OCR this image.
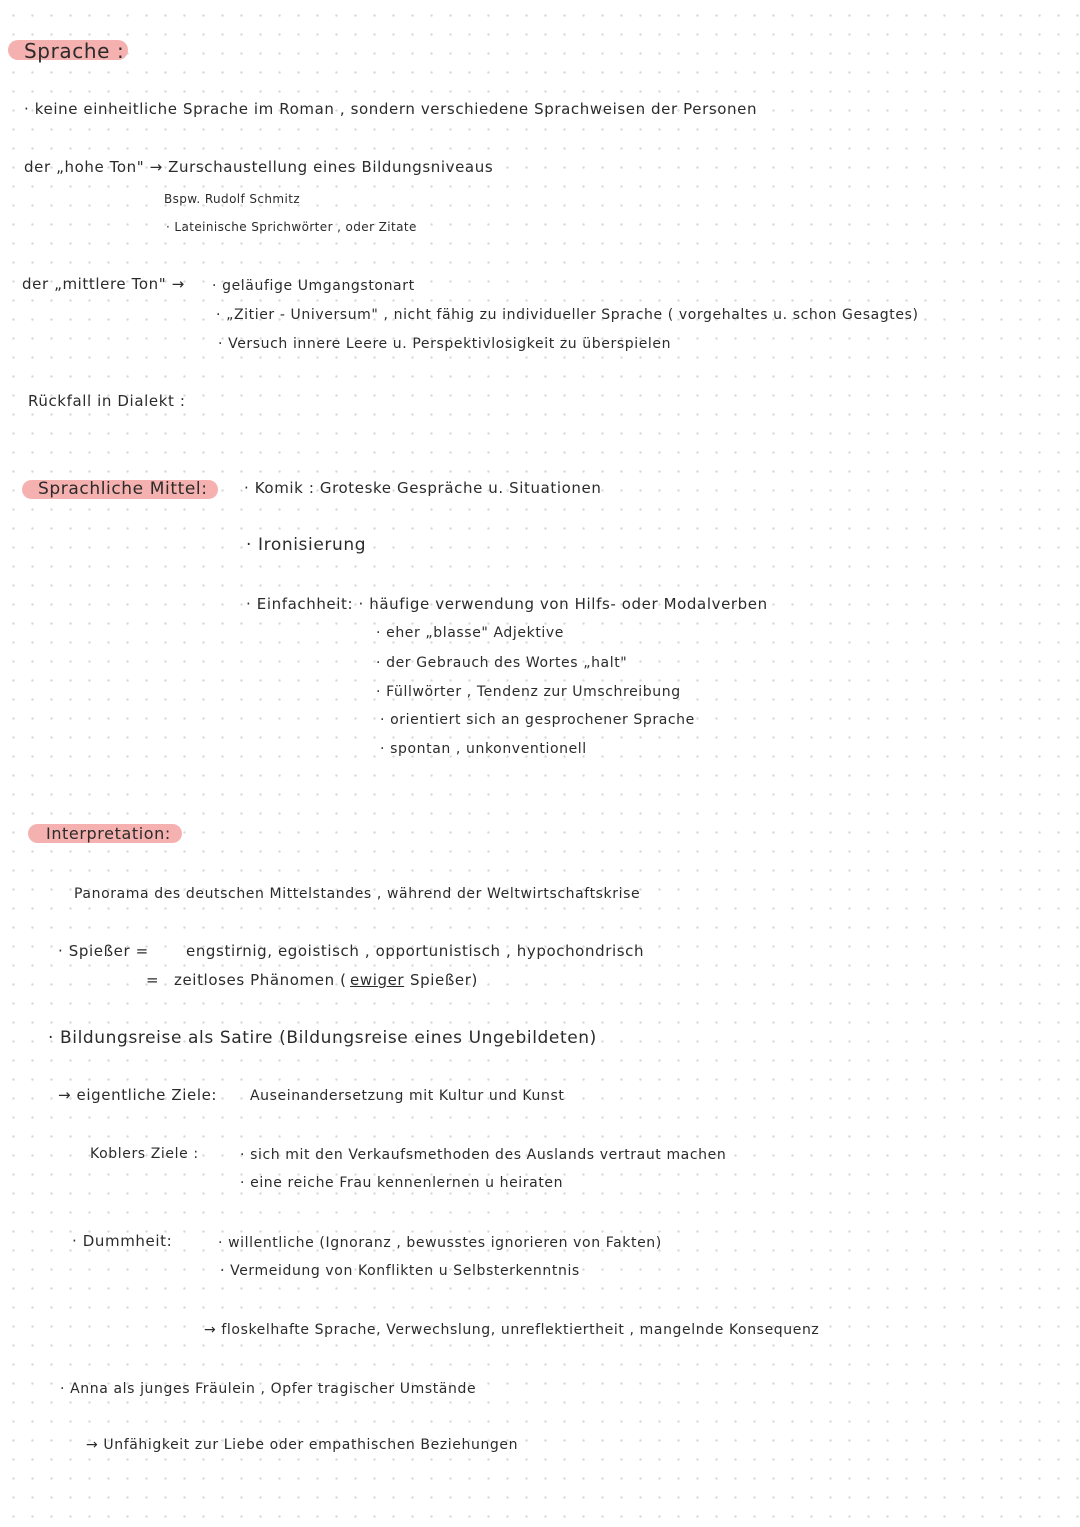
Sprache :
· keine einheitliche Sprache im Roman , sondern verschiedene Sprachweisen der Personen
der „hohe Ton" → Zurschaustellung eines Bildungsniveaus
Bspw. Rudolf Schmitz
· Lateinische Sprichwörter , oder Zitate
der „mittlere Ton" → · geläufige Umgangstonart
· „Zitier - Universum" , nicht fähig zu individueller Sprache ( vorgehaltes u. schon Gesagtes)
· Versuch innere Leere u. Perspektivlosigkeit zu überspielen
Rückfall in Dialekt :
Sprachliche Mittel: · Komik : Groteske Gespräche u. Situationen
· Ironisierung
· Einfachheit: · häufige verwendung von Hilfs- oder Modalverben
· eher „blasse" Adjektive
· der Gebrauch des Wortes „halt"
· Füllwörter , Tendenz zur Umschreibung
· orientiert sich an gesprochener Sprache
· spontan , unkonventionell
Interpretation:
Panorama des deutschen Mittelstandes , während der Weltwirtschaftskrise
· Spießer = engstirnig, egoistisch , opportunistisch , hypochondrisch
= zeitloses Phänomen ( ewiger Spießer)
· Bildungsreise als Satire (Bildungsreise eines Ungebildeten)
→ eigentliche Ziele: Auseinandersetzung mit Kultur und Kunst
Koblers Ziele :	· sich mit den Verkaufsmethoden des Auslands vertraut machen
· eine reiche Frau kennenlernen u heiraten
· Dummheit:	· willentliche (Ignoranz , bewusstes ignorieren von Fakten)
· Vermeidung von Konflikten u Selbsterkenntnis
→ floskelhafte Sprache, Verwechslung, unreflektiertheit , mangelnde Konsequenz
· Anna als junges Fräulein , Opfer tragischer Umstände
→ Unfähigkeit zur Liebe oder empathischen Beziehungen
